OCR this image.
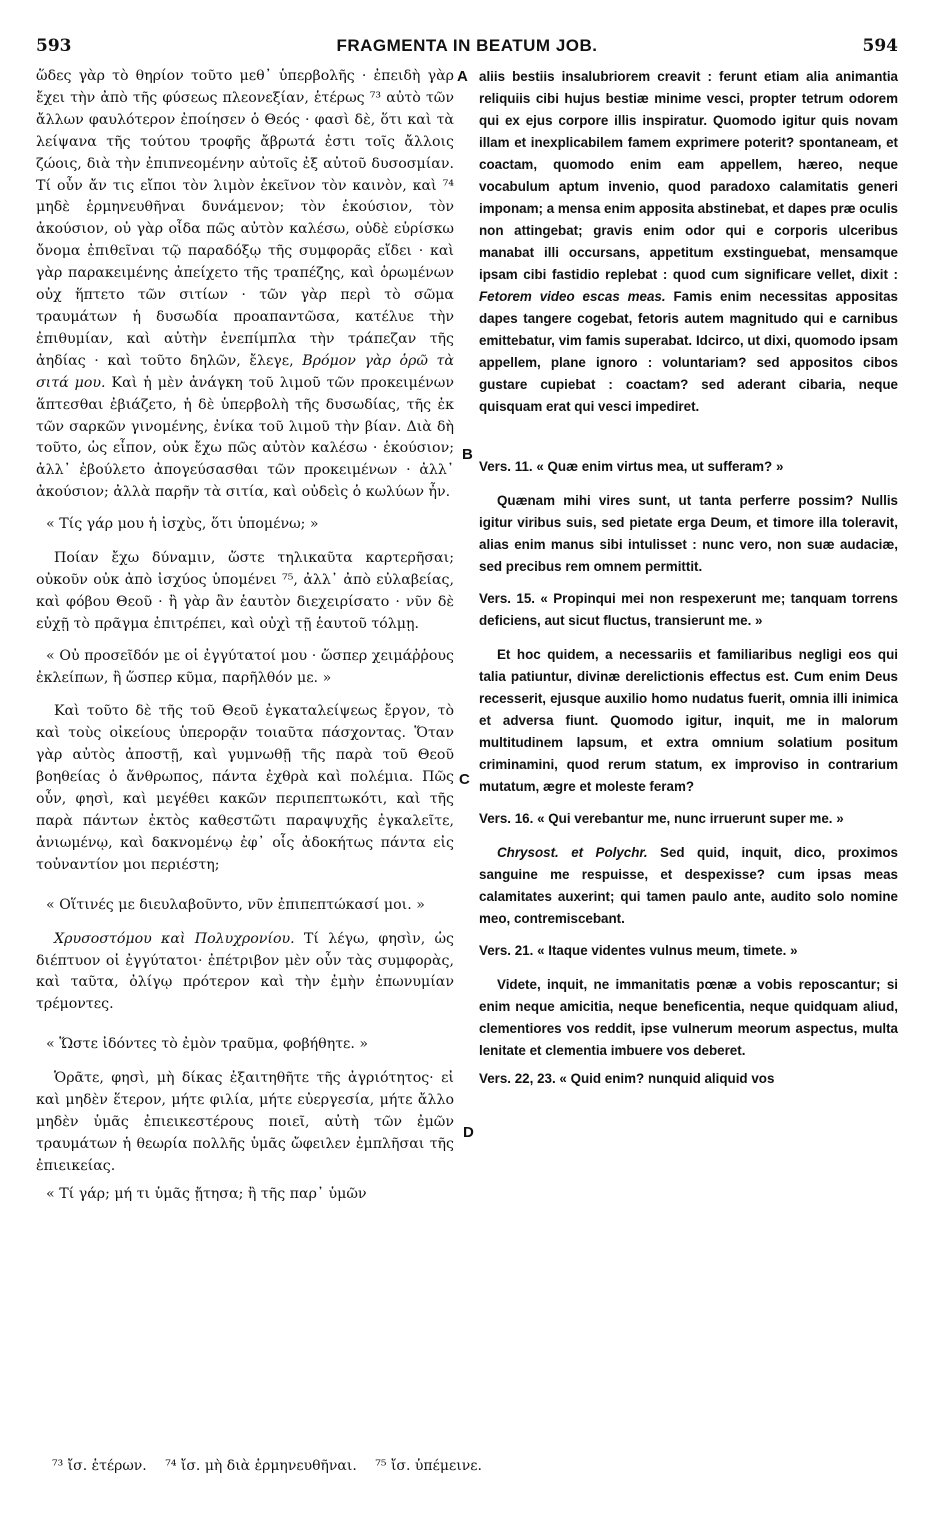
593	FRAGMENTA IN BEATUM JOB.	594
A
B
C
D

ὥδες γὰρ τὸ θηρίον τοῦτο μεθ᾿ ὑπερβολῆς · ἐπειδὴ γὰρ ἔχει τὴν ἀπὸ τῆς φύσεως πλεονεξίαν, ἑτέρως ⁷³ αὐτὸ τῶν ἄλλων φαυλότερον ἐποίησεν ὁ Θεός · φασὶ δὲ, ὅτι καὶ τὰ λείψανα τῆς τούτου τροφῆς ἄβρωτά ἐστι τοῖς ἄλλοις ζώοις, διὰ τὴν ἐπιπνεομένην αὐτοῖς ἐξ αὐτοῦ δυσοσμίαν. Τί οὖν ἄν τις εἴποι τὸν λιμὸν ἐκεῖνον τὸν καινὸν, καὶ ⁷⁴ μηδὲ ἑρμηνευθῆναι δυνάμενον; τὸν ἑκούσιον, τὸν ἀκούσιον, οὐ γὰρ οἶδα πῶς αὐτὸν καλέσω, οὐδὲ εὑρίσκω ὄνομα ἐπιθεῖναι τῷ παραδόξῳ τῆς συμφορᾶς εἴδει · καὶ γὰρ παρακειμένης ἀπείχετο τῆς τραπέζης, καὶ ὁρωμένων οὐχ ἥπτετο τῶν σιτίων · τῶν γὰρ περὶ τὸ σῶμα τραυμάτων ἡ δυσωδία προαπαντῶσα, κατέλυε τὴν ἐπιθυμίαν, καὶ αὐτὴν ἐνεπίμπλα τὴν τράπεζαν τῆς ἀηδίας · καὶ τοῦτο δηλῶν, ἔλεγε, Βρόμον γὰρ ὁρῶ τὰ σιτά μου. Καὶ ἡ μὲν ἀνάγκη τοῦ λιμοῦ τῶν προκειμένων ἅπτεσθαι ἐβιάζετο, ἡ δὲ ὑπερβολὴ τῆς δυσωδίας, τῆς ἐκ τῶν σαρκῶν γινομένης, ἐνίκα τοῦ λιμοῦ τὴν βίαν. Διὰ δὴ τοῦτο, ὡς εἶπον, οὐκ ἔχω πῶς αὐτὸν καλέσω · ἑκούσιον; ἀλλ᾿ ἐβούλετο ἀπογεύσασθαι τῶν προκειμένων · ἀλλ᾿ ἀκούσιον; ἀλλὰ παρῆν τὰ σιτία, καὶ οὐδεὶς ὁ κωλύων ἦν.

« Τίς γάρ μου ἡ ἰσχὺς, ὅτι ὑπομένω; »

Ποίαν ἔχω δύναμιν, ὥστε τηλικαῦτα καρτερῆσαι; οὐκοῦν οὐκ ἀπὸ ἰσχύος ὑπομένει ⁷⁵, ἀλλ᾿ ἀπὸ εὐλαβείας, καὶ φόβου Θεοῦ · ἢ γὰρ ἂν ἑαυτὸν διεχειρίσατο · νῦν δὲ εὐχῇ τὸ πρᾶγμα ἐπιτρέπει, καὶ οὐχὶ τῇ ἑαυτοῦ τόλμῃ.

« Οὐ προσεῖδόν με οἱ ἐγγύτατοί μου · ὥσπερ χειμάῤῥους ἐκλείπων, ἢ ὥσπερ κῦμα, παρῆλθόν με. »

Καὶ τοῦτο δὲ τῆς τοῦ Θεοῦ ἐγκαταλείψεως ἔργον, τὸ καὶ τοὺς οἰκείους ὑπερορᾷν τοιαῦτα πάσχοντας. Ὅταν γὰρ αὐτὸς ἀποστῇ, καὶ γυμνωθῇ τῆς παρὰ τοῦ Θεοῦ βοηθείας ὁ ἄνθρωπος, πάντα ἐχθρὰ καὶ πολέμια. Πῶς οὖν, φησὶ, καὶ μεγέθει κακῶν περιπεπτωκότι, καὶ τῆς παρὰ πάντων ἐκτὸς καθεστῶτι παραψυχῆς ἐγκαλεῖτε, ἀνιωμένῳ, καὶ δακνομένῳ ἐφ᾿ οἷς ἀδοκήτως πάντα εἰς τοὐναντίον μοι περιέστη;

« Οἵτινές με διευλαβοῦντο, νῦν ἐπιπεπτώκασί μοι. »

Χρυσοστόμου καὶ Πολυχρονίου. Τί λέγω, φησὶν, ὡς διέπτυον οἱ ἐγγύτατοι· ἐπέτριβον μὲν οὖν τὰς συμφορὰς, καὶ ταῦτα, ὀλίγῳ πρότερον καὶ τὴν ἐμὴν ἐπωνυμίαν τρέμοντες.

« Ὥστε ἰδόντες τὸ ἐμὸν τραῦμα, φοβήθητε. »

Ὁρᾶτε, φησὶ, μὴ δίκας ἐξαιτηθῆτε τῆς ἀγριότητος· εἰ καὶ μηδὲν ἕτερον, μήτε φιλία, μήτε εὐεργεσία, μήτε ἄλλο μηδὲν ὑμᾶς ἐπιεικεστέρους ποιεῖ, αὐτὴ τῶν ἐμῶν τραυμάτων ἡ θεωρία πολλῆς ὑμᾶς ὤφειλεν ἐμπλῆσαι τῆς ἐπιεικείας.

« Τί γάρ; μή τι ὑμᾶς ᾔτησα; ἢ τῆς παρ᾿ ὑμῶν

aliis bestiis insalubriorem creavit : ferunt etiam alia animantia reliquiis cibi hujus bestiæ minime vesci, propter tetrum odorem qui ex ejus corpore illis inspiratur. Quomodo igitur quis novam illam et inexplicabilem famem exprimere poterit? spontaneam, et coactam, quomodo enim eam appellem, hæreo, neque vocabulum aptum invenio, quod paradoxo calamitatis generi imponam; a mensa enim apposita abstinebat, et dapes præ oculis non attingebat; gravis enim odor qui e corporis ulceribus manabat illi occursans, appetitum exstinguebat, mensamque ipsam cibi fastidio replebat : quod cum significare vellet, dixit : Fetorem video escas meas. Famis enim necessitas appositas dapes tangere cogebat, fetoris autem magnitudo qui e carnibus emittebatur, vim famis superabat. Idcirco, ut dixi, quomodo ipsam appellem, plane ignoro : voluntariam? sed appositos cibos gustare cupiebat : coactam? sed aderant cibaria, neque quisquam erat qui vesci impediret.

Vers. 11. « Quæ enim virtus mea, ut sufferam? »

Quænam mihi vires sunt, ut tanta perferre possim? Nullis igitur viribus suis, sed pietate erga Deum, et timore illa toleravit, alias enim manus sibi intulisset : nunc vero, non suæ audaciæ, sed precibus rem omnem permittit.

Vers. 15. « Propinqui mei non respexerunt me; tanquam torrens deficiens, aut sicut fluctus, transierunt me. »

Et hoc quidem, a necessariis et familiaribus negligi eos qui talia patiuntur, divinæ derelictionis effectus est. Cum enim Deus recesserit, ejusque auxilio homo nudatus fuerit, omnia illi inimica et adversa fiunt. Quomodo igitur, inquit, me in malorum multitudinem lapsum, et extra omnium solatium positum criminamini, quod rerum statum, ex improviso in contrarium mutatum, ægre et moleste feram?

Vers. 16. « Qui verebantur me, nunc irruerunt super me. »

Chrysost. et Polychr. Sed quid, inquit, dico, proximos sanguine me respuisse, et despexisse? cum ipsas meas calamitates auxerint; qui tamen paulo ante, audito solo nomine meo, contremiscebant.

Vers. 21. « Itaque videntes vulnus meum, timete. »

Videte, inquit, ne immanitatis pœnæ a vobis reposcantur; si enim neque amicitia, neque beneficentia, neque quidquam aliud, clementiores vos reddit, ipse vulnerum meorum aspectus, multa lenitate et clementia imbuere vos deberet.

Vers. 22, 23. « Quid enim? nunquid aliquid vos

⁷³ ἴσ. ἑτέρων. ⁷⁴ ἴσ. μὴ διὰ ἑρμηνευθῆναι. ⁷⁵ ἴσ. ὑπέμεινε.
